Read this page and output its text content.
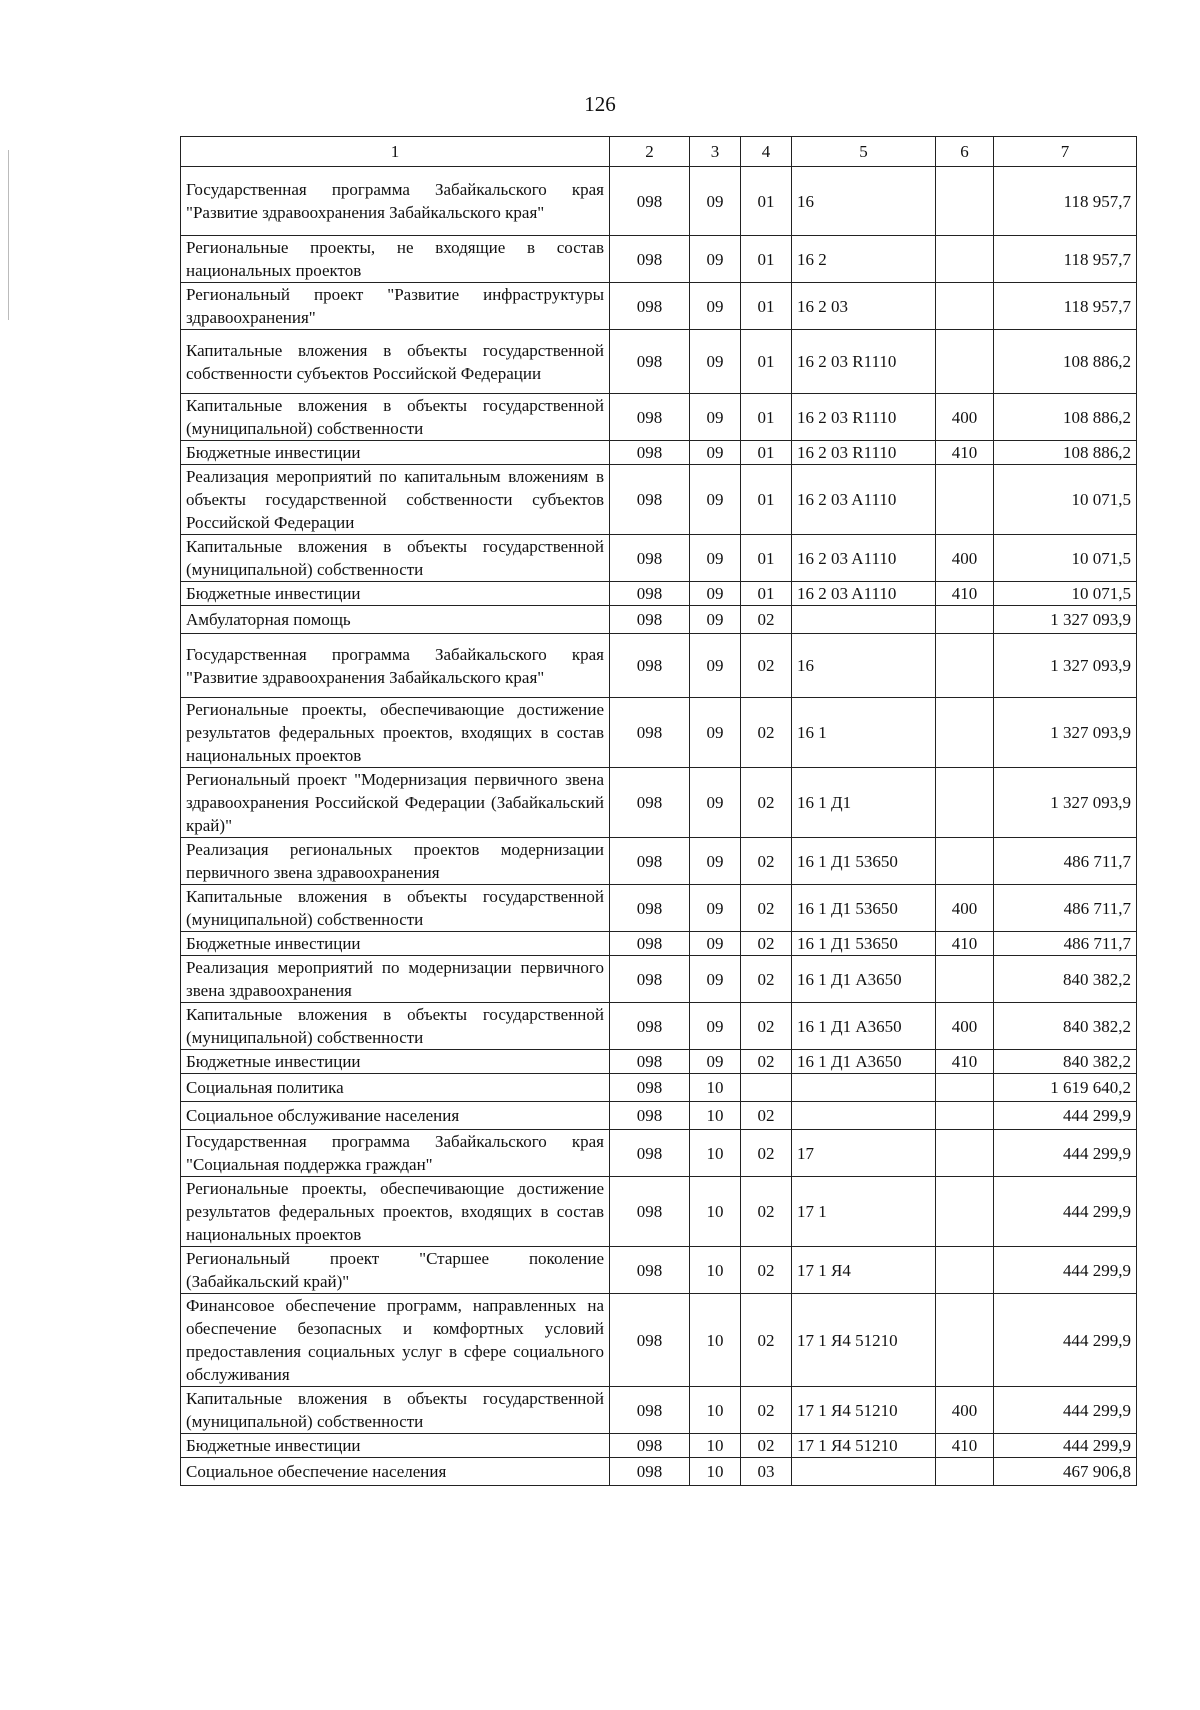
126
1	2	3	4	5	6	7
Государственная программа Забайкальского края "Развитие здравоохранения Забайкальского края"	098	09	01	16		118 957,7
Региональные проекты, не входящие в состав национальных проектов	098	09	01	16 2		118 957,7
Региональный проект "Развитие инфраструктуры здравоохранения"	098	09	01	16 2 03		118 957,7
Капитальные вложения в объекты государственной собственности субъектов Российской Федерации	098	09	01	16 2 03 R1110		108 886,2
Капитальные вложения в объекты государственной (муниципальной) собственности	098	09	01	16 2 03 R1110	400	108 886,2
Бюджетные инвестиции	098	09	01	16 2 03 R1110	410	108 886,2
Реализация мероприятий по капитальным вложениям в объекты государственной собственности субъектов Российской Федерации	098	09	01	16 2 03 A1110		10 071,5
Капитальные вложения в объекты государственной (муниципальной) собственности	098	09	01	16 2 03 A1110	400	10 071,5
Бюджетные инвестиции	098	09	01	16 2 03 A1110	410	10 071,5
Амбулаторная помощь	098	09	02			1 327 093,9
Государственная программа Забайкальского края "Развитие здравоохранения Забайкальского края"	098	09	02	16		1 327 093,9
Региональные проекты, обеспечивающие достижение результатов федеральных проектов, входящих в состав национальных проектов	098	09	02	16 1		1 327 093,9
Региональный проект "Модернизация первичного звена здравоохранения Российской Федерации (Забайкальский край)"	098	09	02	16 1 Д1		1 327 093,9
Реализация региональных проектов модернизации первичного звена здравоохранения	098	09	02	16 1 Д1 53650		486 711,7
Капитальные вложения в объекты государственной (муниципальной) собственности	098	09	02	16 1 Д1 53650	400	486 711,7
Бюджетные инвестиции	098	09	02	16 1 Д1 53650	410	486 711,7
Реализация мероприятий по модернизации первичного звена здравоохранения	098	09	02	16 1 Д1 A3650		840 382,2
Капитальные вложения в объекты государственной (муниципальной) собственности	098	09	02	16 1 Д1 A3650	400	840 382,2
Бюджетные инвестиции	098	09	02	16 1 Д1 A3650	410	840 382,2
Социальная политика	098	10				1 619 640,2
Социальное обслуживание населения	098	10	02			444 299,9
Государственная программа Забайкальского края "Социальная поддержка граждан"	098	10	02	17		444 299,9
Региональные проекты, обеспечивающие достижение результатов федеральных проектов, входящих в состав национальных проектов	098	10	02	17 1		444 299,9
Региональный проект "Старшее поколение (Забайкальский край)"	098	10	02	17 1 Я4		444 299,9
Финансовое обеспечение программ, направленных на обеспечение безопасных и комфортных условий предоставления социальных услуг в сфере социального обслуживания	098	10	02	17 1 Я4 51210		444 299,9
Капитальные вложения в объекты государственной (муниципальной) собственности	098	10	02	17 1 Я4 51210	400	444 299,9
Бюджетные инвестиции	098	10	02	17 1 Я4 51210	410	444 299,9
Социальное обеспечение населения	098	10	03			467 906,8
